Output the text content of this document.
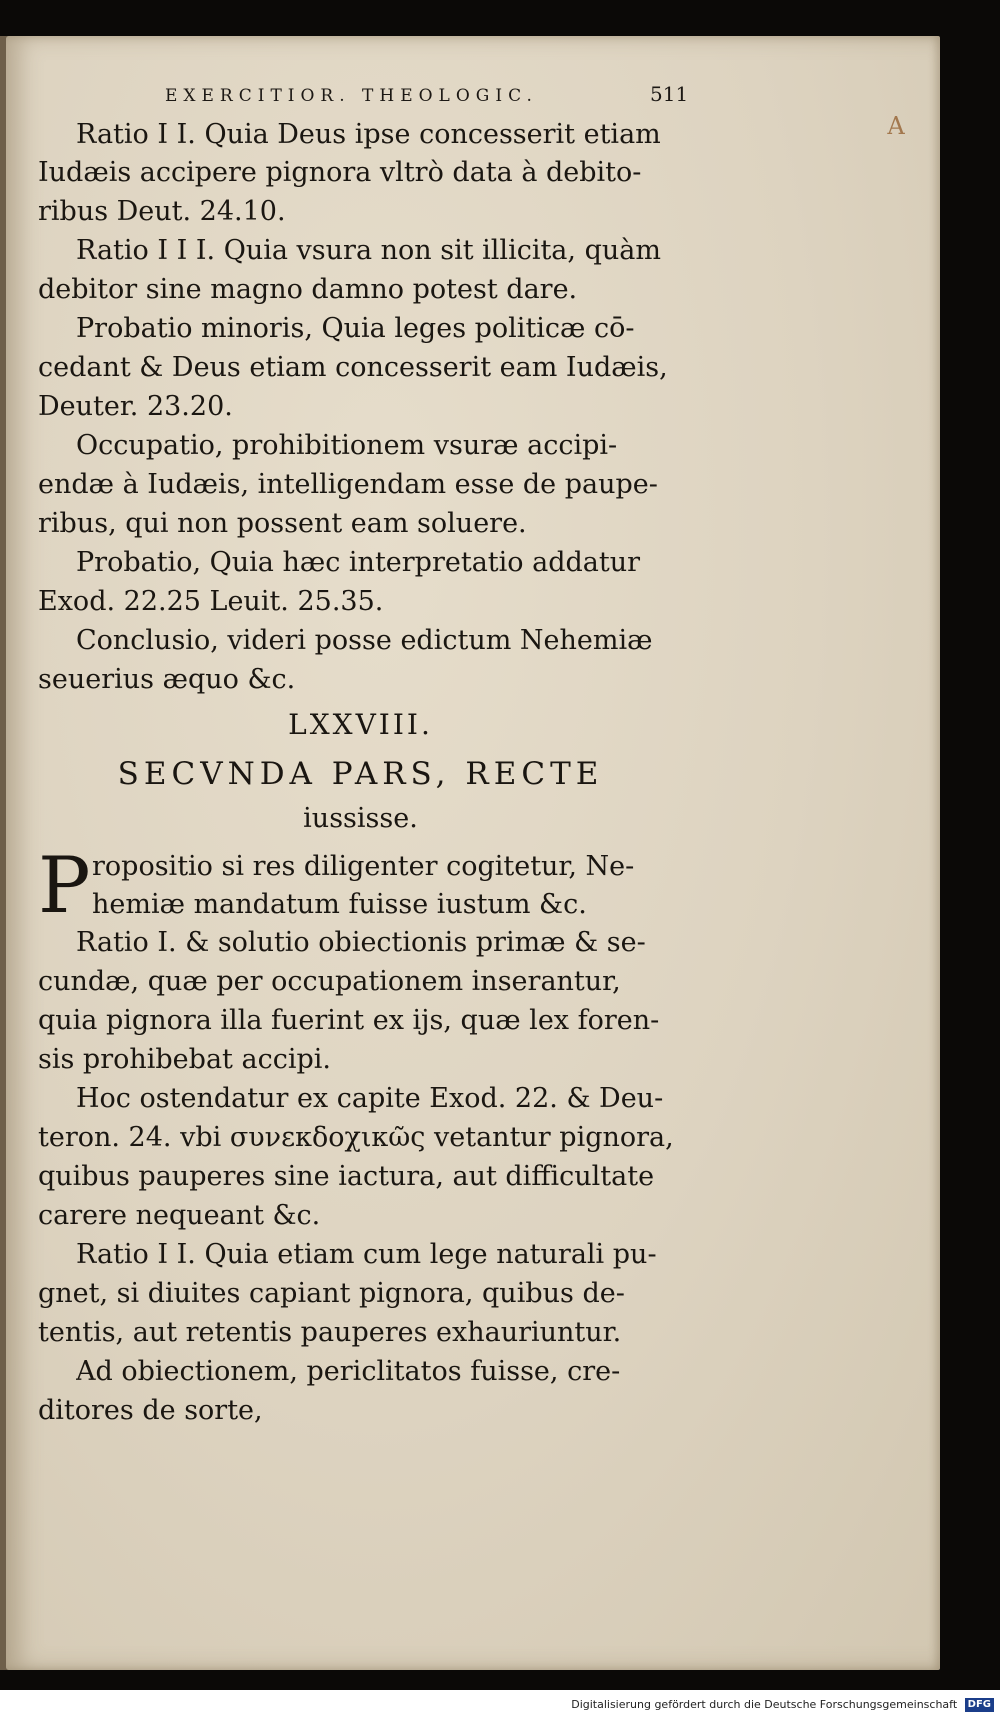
EXERCITIOR. THEOLOGIC.	511
A
Ratio I I. Quia Deus ipse concesserit etiam
Iudæis accipere pignora vltrò data à debito-
ribus Deut. 24.10.
Ratio I I I. Quia vsura non sit illicita, quàm
debitor sine magno damno potest dare.
Probatio minoris, Quia leges politicæ cō-
cedant & Deus etiam concesserit eam Iudæis,
Deuter. 23.20.
Occupatio, prohibitionem vsuræ accipi-
endæ à Iudæis, intelligendam esse de paupe-
ribus, qui non possent eam soluere.
Probatio, Quia hæc interpretatio addatur
Exod. 22.25 Leuit. 25.35.
Conclusio, videri posse edictum Nehemiæ
seuerius æquo &c.
LXXVIII.
SECVNDA PARS, RECTE
iussisse.
P ropositio si res diligenter cogitetur, Ne-
hemiæ mandatum fuisse iustum &c.
Ratio I. & solutio obiectionis primæ & se-
cundæ, quæ per occupationem inserantur,
quia pignora illa fuerint ex ijs, quæ lex foren-
sis prohibebat accipi.
Hoc ostendatur ex capite Exod. 22. & Deu-
teron. 24. vbi συνεκδοχικῶς vetantur pignora,
quibus pauperes sine iactura, aut difficultate
carere nequeant &c.
Ratio I I. Quia etiam cum lege naturali pu-
gnet, si diuites capiant pignora, quibus de-
tentis, aut retentis pauperes exhauriuntur.
Ad obiectionem, periclitatos fuisse, cre-
ditores de sorte,
Digitalisierung gefördert durch die Deutsche Forschungsgemeinschaft DFG
